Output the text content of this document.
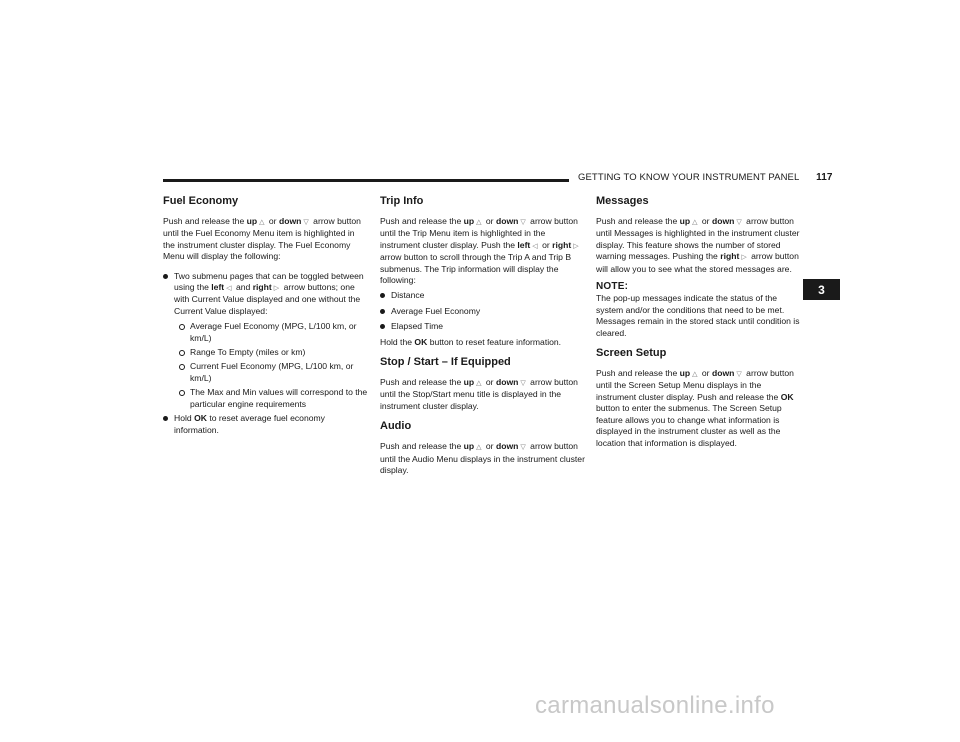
GETTING TO KNOW YOUR INSTRUMENT PANEL 117
Fuel Economy

Push and release the up △ or down ▽ arrow button until the Fuel Economy Menu item is highlighted in the instrument cluster display. The Fuel Economy Menu will display the following:

Two submenu pages that can be toggled between using the left ◁ and right ▷ arrow buttons; one with Current Value displayed and one without the Current Value displayed:
Average Fuel Economy (MPG, L/100 km, or km/L)
Range To Empty (miles or km)
Current Fuel Economy (MPG, L/100 km, or km/L)
The Max and Min values will correspond to the particular engine requirements
Hold OK to reset average fuel economy information.
Trip Info

Push and release the up △ or down ▽ arrow button until the Trip Menu item is highlighted in the instrument cluster display. Push the left ◁ or right ▷ arrow button to scroll through the Trip A and Trip B submenus. The Trip information will display the following:

Distance
Average Fuel Economy
Elapsed Time

Hold the OK button to reset feature information.

Stop / Start – If Equipped

Push and release the up △ or down ▽ arrow button until the Stop/Start menu title is displayed in the instrument cluster display.

Audio

Push and release the up △ or down ▽ arrow button until the Audio Menu displays in the instrument cluster display.

Messages

Push and release the up △ or down ▽ arrow button until Messages is highlighted in the instrument cluster display. This feature shows the number of stored warning messages. Pushing the right ▷ arrow button will allow you to see what the stored messages are.

NOTE:

The pop-up messages indicate the status of the system and/or the conditions that need to be met. Messages remain in the stored stack until condition is cleared.

Screen Setup

Push and release the up △ or down ▽ arrow button until the Screen Setup Menu displays in the instrument cluster display. Push and release the OK button to enter the submenus. The Screen Setup feature allows you to change what information is displayed in the instrument cluster as well as the location that information is displayed.

3
carmanualsonline.info
